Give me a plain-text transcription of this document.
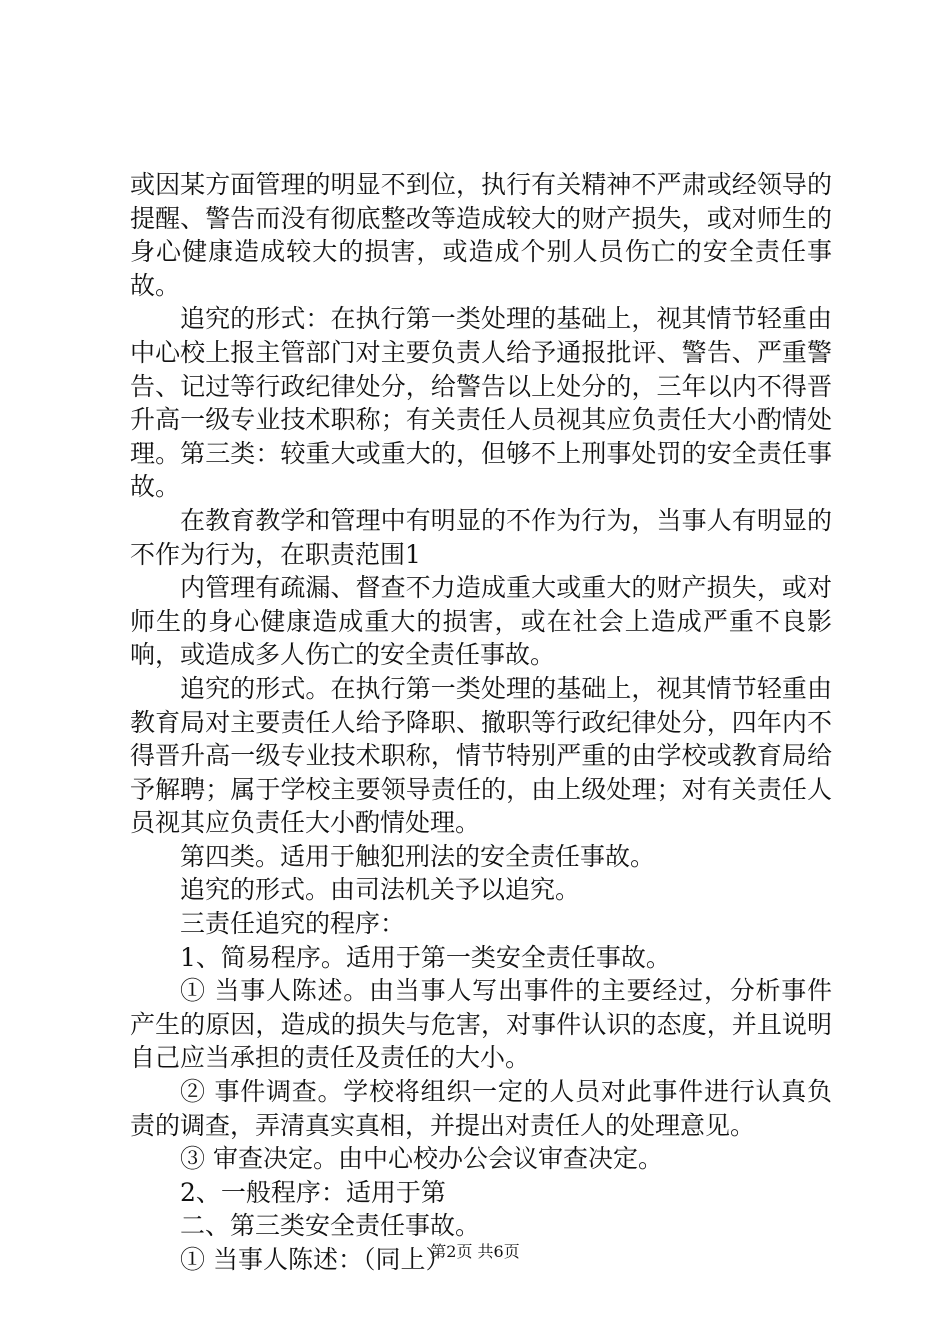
或因某方面管理的明显不到位，执行有关精神不严肃或经领导的提醒、警告而没有彻底整改等造成较大的财产损失，或对师生的身心健康造成较大的损害，或造成个别人员伤亡的安全责任事故。

追究的形式：在执行第一类处理的基础上，视其情节轻重由中心校上报主管部门对主要负责人给予通报批评、警告、严重警告、记过等行政纪律处分，给警告以上处分的，三年以内不得晋升高一级专业技术职称；有关责任人员视其应负责任大小酌情处理。第三类：较重大或重大的，但够不上刑事处罚的安全责任事故。

在教育教学和管理中有明显的不作为行为，当事人有明显的不作为行为，在职责范围1

内管理有疏漏、督查不力造成重大或重大的财产损失，或对师生的身心健康造成重大的损害，或在社会上造成严重不良影响，或造成多人伤亡的安全责任事故。

追究的形式。在执行第一类处理的基础上，视其情节轻重由教育局对主要责任人给予降职、撤职等行政纪律处分，四年内不得晋升高一级专业技术职称，情节特别严重的由学校或教育局给予解聘；属于学校主要领导责任的，由上级处理；对有关责任人员视其应负责任大小酌情处理。

第四类。适用于触犯刑法的安全责任事故。

追究的形式。由司法机关予以追究。

三责任追究的程序：

1、简易程序。适用于第一类安全责任事故。

① 当事人陈述。由当事人写出事件的主要经过，分析事件产生的原因，造成的损失与危害，对事件认识的态度，并且说明自己应当承担的责任及责任的大小。

② 事件调查。学校将组织一定的人员对此事件进行认真负责的调查，弄清真实真相，并提出对责任人的处理意见。

③ 审查决定。由中心校办公会议审查决定。

2、一般程序：适用于第

二、第三类安全责任事故。

① 当事人陈述：（同上）

第2页 共6页
